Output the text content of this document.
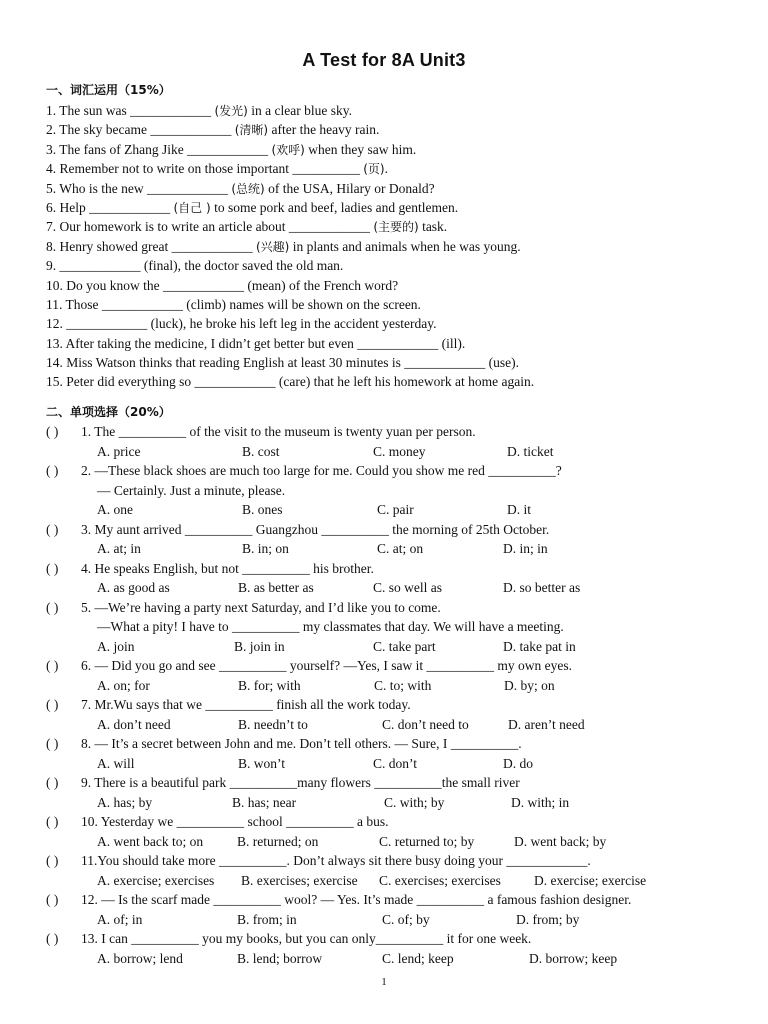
A Test for 8A Unit3
一、词汇运用（15%）
1. The sun was ____________ (发光) in a clear blue sky.
2. The sky became ____________ (清晰) after the heavy rain.
3. The fans of Zhang Jike ____________ (欢呼) when they saw him.
4. Remember not to write on those important __________ (页).
5. Who is the new ____________ (总统) of the USA, Hilary or Donald?
6. Help ____________ (自己 ) to some pork and beef, ladies and gentlemen.
7. Our homework is to write an article about ____________ (主要的) task.
8. Henry showed great ____________ (兴趣) in plants and animals when he was young.
9. ____________ (final), the doctor saved the old man.
10. Do you know the ____________ (mean) of the French word?
11. Those ____________ (climb) names will be shown on the screen.
12. ____________ (luck), he broke his left leg in the accident yesterday.
13. After taking the medicine, I didn’t get better but even ____________ (ill).
14. Miss Watson thinks that reading English at least 30 minutes is ____________ (use).
15. Peter did everything so ____________ (care) that he left his homework at home again.
二、单项选择（20%）
( ) 1. The __________ of the visit to the museum is twenty yuan per person.
A. price	B. cost	C. money	D. ticket
( ) 2. —These black shoes are much too large for me. Could you show me red __________?
— Certainly. Just a minute, please.
A. one	B. ones	C. pair	D. it
( ) 3. My aunt arrived __________ Guangzhou __________ the morning of 25th October.
A. at; in	B. in; on	C. at; on	D. in; in
( ) 4. He speaks English, but not __________ his brother.
A. as good as	B. as better as	C. so well as	D. so better as
( ) 5. —We’re having a party next Saturday, and I’d like you to come.
—What a pity! I have to __________ my classmates that day. We will have a meeting.
A. join	B. join in	C. take part	D. take pat in
( ) 6. — Did you go and see __________ yourself? —Yes, I saw it __________ my own eyes.
A. on; for	B. for; with	C. to; with	D. by; on
( ) 7. Mr.Wu says that we __________ finish all the work today.
A. don’t need	B. needn’t to	C. don’t need to	D. aren’t need
( ) 8. — It’s a secret between John and me. Don’t tell others. — Sure, I __________.
A. will	B. won’t	C. don’t	D. do
( ) 9. There is a beautiful park __________many flowers __________the small river
A. has; by	B. has; near	C. with; by	D. with; in
( ) 10. Yesterday we __________ school __________ a bus.
A. went back to; on	B. returned; on	C. returned to; by	D. went back; by
( ) 11.You should take more __________. Don’t always sit there busy doing your ____________.
A. exercise; exercises B. exercises; exercise C. exercises; exercises D. exercise; exercise
( ) 12. — Is the scarf made __________ wool? — Yes. It’s made __________ a famous fashion designer.
A. of; in	B. from; in	C. of; by	D. from; by
( ) 13. I can __________ you my books, but you can only__________ it for one week.
A. borrow; lend	B. lend; borrow	C. lend; keep	D. borrow; keep
1
